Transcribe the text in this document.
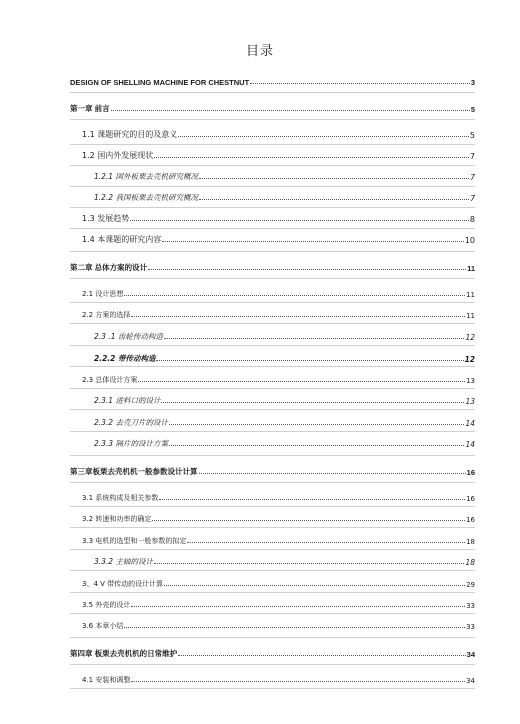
目录
DESIGN OF SHELLING MACHINE FOR CHESTNUT	3
第一章 前言	5
1.1 课题研究的目的及意义	5
1.2 国内外发展现状	7
1.2.1 国外板栗去壳机研究概况	7
1.2.2 我国板栗去壳机研究概况	7
1.3 发展趋势	8
1.4 本课题的研究内容	10
第二章 总体方案的设计	11
2.1 设计思想	11
2.2 方案的选择	11
2.3 .1 齿轮传动构造	12
2.2.2 带传动构造	12
2.3 总体设计方案	13
2.3.1 进料口的设计	13
2.3.2 去壳刀片的设计	14
2.3.3 隔片的设计方案	14
第三章板栗去壳机机一般参数设计计算	16
3.1 系统构成及相关参数	16
3.2 转速和功率的确定	16
3.3 电机的选型和一般参数的拟定	18
3.3.2 主轴的设计	18
3、4 V 带传动的设计计算	29
3.5 外壳的设计	33
3.6 本章小结	33
第四章 板栗去壳机机的日常维护	34
4.1 安装和调整	34
